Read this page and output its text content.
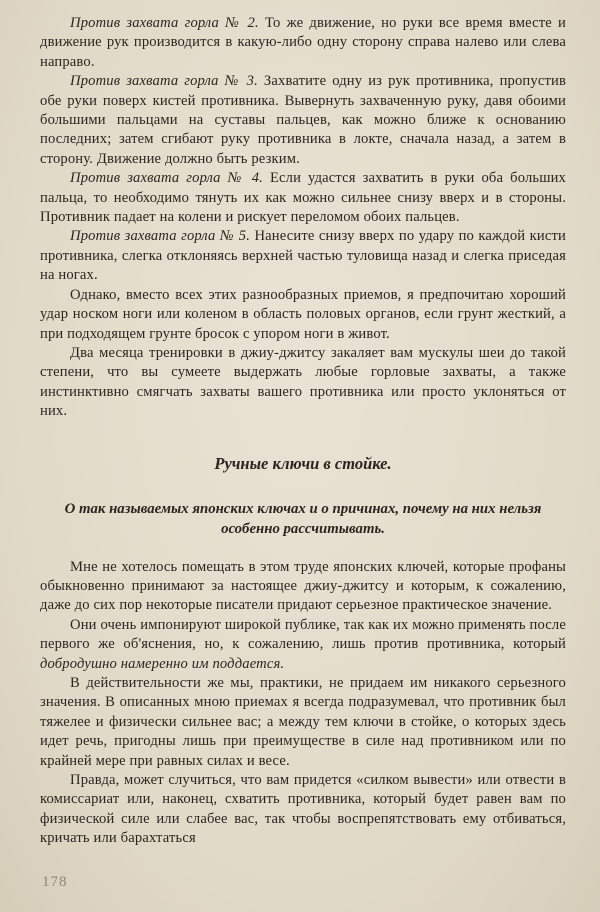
Против захвата горла № 2. То же движение, но руки все время вместе и движение рук производится в какую-либо одну сторону справа налево или слева направо.

Против захвата горла № 3. Захватите одну из рук противника, пропустив обе руки поверх кистей противника. Вывернуть захваченную руку, давя обоими большими пальцами на суставы пальцев, как можно ближе к основанию последних; затем сгибают руку противника в локте, сначала назад, а затем в сторону. Движение должно быть резким.

Против захвата горла № 4. Если удастся захватить в руки оба больших пальца, то необходимо тянуть их как можно сильнее снизу вверх и в стороны. Противник падает на колени и рискует переломом обоих пальцев.

Против захвата горла № 5. Нанесите снизу вверх по удару по каждой кисти противника, слегка отклоняясь верхней частью туловища назад и слегка приседая на ногах.

Однако, вместо всех этих разнообразных приемов, я предпочитаю хороший удар носком ноги или коленом в область половых органов, если грунт жесткий, а при подходящем грунте бросок с упором ноги в живот.

Два месяца тренировки в джиу-джитсу закаляет вам мускулы шеи до такой степени, что вы сумеете выдержать любые горловые захваты, а также инстинктивно смягчать захваты вашего противника или просто уклоняться от них.

Ручные ключи в стойке.
О так называемых японских ключах и о причинах, почему на них нельзя особенно рассчитывать.

Мне не хотелось помещать в этом труде японских ключей, которые профаны обыкновенно принимают за настоящее джиу-джитсу и которым, к сожалению, даже до сих пор некоторые писатели придают серьезное практическое значение.

Они очень импонируют широкой публике, так как их можно применять после первого же об'яснения, но, к сожалению, лишь против противника, который добродушно намеренно им поддается.

В действительности же мы, практики, не придаем им никакого серьезного значения. В описанных мною приемах я всегда подразумевал, что противник был тяжелее и физически сильнее вас; а между тем ключи в стойке, о которых здесь идет речь, пригодны лишь при преимуществе в силе над противником или по крайней мере при равных силах и весе.

Правда, может случиться, что вам придется «силком вывести» или отвести в комиссариат или, наконец, схватить противника, который будет равен вам по физической силе или слабее вас, так чтобы воспрепятствовать ему отбиваться, кричать или барахтаться

178
